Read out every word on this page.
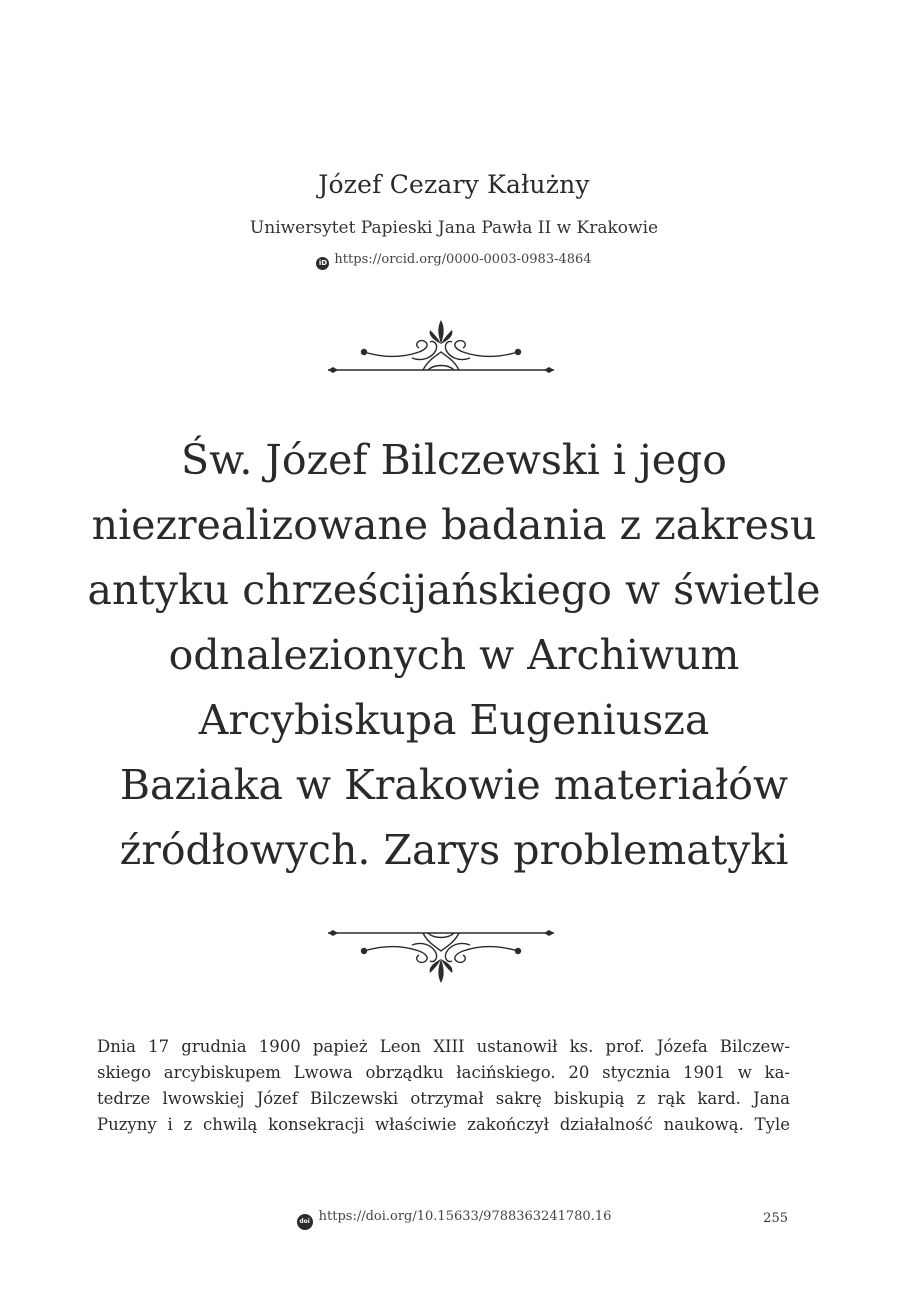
Józef Cezary Kałużny
Uniwersytet Papieski Jana Pawła II w Krakowie
iD https://orcid.org/0000-0003-0983-4864
Św. Józef Bilczewski i jego
niezrealizowane badania z zakresu
antyku chrześcijańskiego w świetle
odnalezionych w Archiwum
Arcybiskupa Eugeniusza
Baziaka w Krakowie materiałów
źródłowych. Zarys problematyki
Dnia 17 grudnia 1900 papież Leon XIII ustanowił ks. prof. Józefa Bilczew-
skiego arcybiskupem Lwowa obrządku łacińskiego. 20 stycznia 1901 w ka-
tedrze lwowskiej Józef Bilczewski otrzymał sakrę biskupią z rąk kard. Jana
Puzyny i z chwilą konsekracji właściwie zakończył działalność naukową. Tyle
doi https://doi.org/10.15633/9788363241780.16	255
